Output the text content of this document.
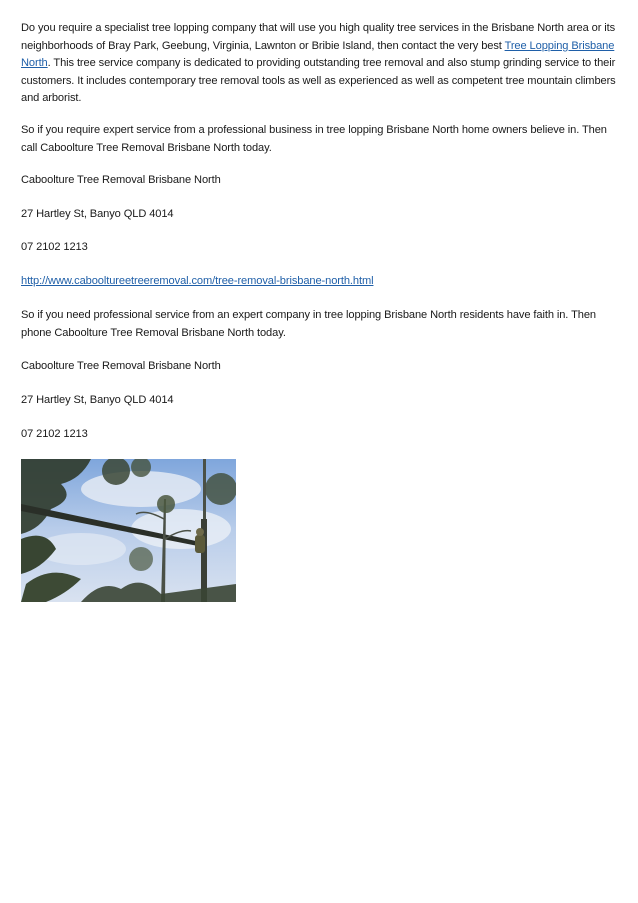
Do you require a specialist tree lopping company that will use you high quality tree services in the Brisbane North area or its neighborhoods of Bray Park, Geebung, Virginia, Lawnton or Bribie Island, then contact the very best Tree Lopping Brisbane North. This tree service company is dedicated to providing outstanding tree removal and also stump grinding service to their customers. It includes contemporary tree removal tools as well as experienced as well as competent tree mountain climbers and arborist.

So if you require expert service from a professional business in tree lopping Brisbane North home owners believe in. Then call Caboolture Tree Removal Brisbane North today.

Caboolture Tree Removal Brisbane North

27 Hartley St, Banyo QLD 4014

07 2102 1213

http://www.cabooltureetreeremoval.com/tree-removal-brisbane-north.html

So if you need professional service from an expert company in tree lopping Brisbane North residents have faith in. Then phone Caboolture Tree Removal Brisbane North today.

Caboolture Tree Removal Brisbane North

27 Hartley St, Banyo QLD 4014

07 2102 1213
